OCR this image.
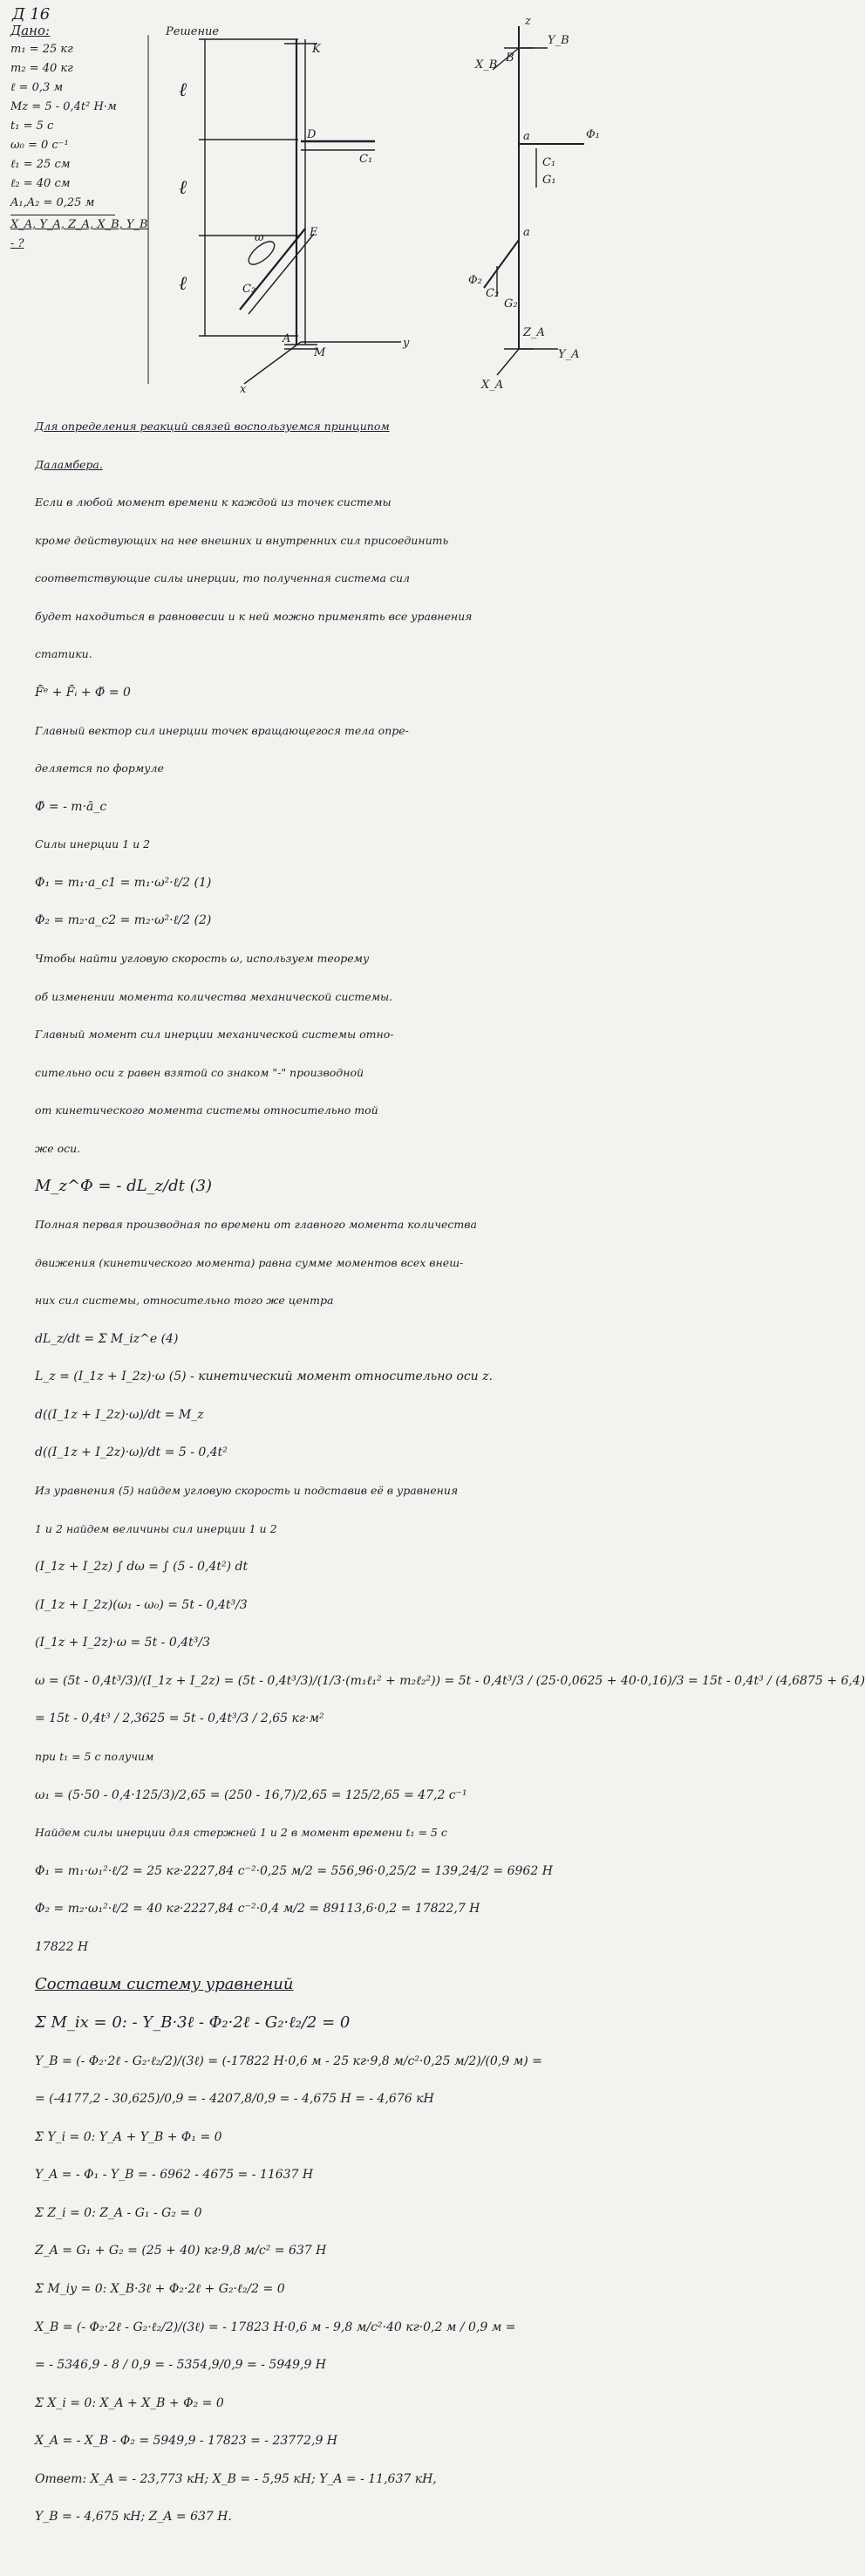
Д 16
Дано:
m₁ = 25 кг
m₂ = 40 кг
ℓ = 0,3 м
Mz = 5 - 0,4t² Н·м
t₁ = 5 с
ω₀ = 0 с⁻¹
ℓ₁ = 25 см
ℓ₂ = 40 см
A₁,A₂ = 0,25 м
X_A, Y_A, Z_A, X_B, Y_B - ?
Решение
K
D
E
A
C₁
C₂
ℓ
ℓ
ℓ
M
y
x
ω
z
Y_B
X_B
B
Φ₁
C₁
G₁
Φ₂
C₂
G₂
Y_A
X_A
Z_A
a
a
Для определения реакций связей воспользуемся принципом
Даламбера.
Если в любой момент времени к каждой из точек системы
кроме действующих на нее внешних и внутренних сил присоединить
соответствующие силы инерции, то полученная система сил
будет находиться в равновесии и к ней можно применять все уравнения
статики.
F̄ᵉ + F̄ᵢ + Φ̄ = 0
Главный вектор сил инерции точек вращающегося тела опре-
деляется по формуле
Φ̄ = - m·ā_c
Силы инерции 1 и 2
Φ₁ = m₁·a_c1 = m₁·ω²·ℓ/2 (1)
Φ₂ = m₂·a_c2 = m₂·ω²·ℓ/2 (2)
Чтобы найти угловую скорость ω, используем теорему
об изменении момента количества механической системы.
Главный момент сил инерции механической системы отно-
сительно оси z равен взятой со знаком "-" производной
от кинетического момента системы относительно той
же оси.
M_z^Φ = - dL_z/dt (3)
Полная первая производная по времени от главного момента количества
движения (кинетического момента) равна сумме моментов всех внеш-
них сил системы, относительно того же центра
dL_z/dt = Σ M_iz^e (4)
L_z = (I_1z + I_2z)·ω (5) - кинетический момент относительно оси z.
d((I_1z + I_2z)·ω)/dt = M_z
d((I_1z + I_2z)·ω)/dt = 5 - 0,4t²
Из уравнения (5) найдем угловую скорость и подставив её в уравнения
1 и 2 найдем величины сил инерции 1 и 2
(I_1z + I_2z) ∫ dω = ∫ (5 - 0,4t²) dt
(I_1z + I_2z)(ω₁ - ω₀) = 5t - 0,4t³/3
(I_1z + I_2z)·ω = 5t - 0,4t³/3
ω = (5t - 0,4t³/3)/(I_1z + I_2z) = (5t - 0,4t³/3)/(1/3·(m₁ℓ₁² + m₂ℓ₂²)) = 5t - 0,4t³/3 / (25·0,0625 + 40·0,16)/3 = 15t - 0,4t³ / (4,6875 + 6,4)
= 15t - 0,4t³ / 2,3625 = 5t - 0,4t³/3 / 2,65 кг·м²
при t₁ = 5 с получим
ω₁ = (5·50 - 0,4·125/3)/2,65 = (250 - 16,7)/2,65 = 125/2,65 = 47,2 с⁻¹
Найдем силы инерции для стержней 1 и 2 в момент времени t₁ = 5 с
Φ₁ = m₁·ω₁²·ℓ/2 = 25 кг·2227,84 с⁻²·0,25 м/2 = 556,96·0,25/2 = 139,24/2 = 6962 Н
Φ₂ = m₂·ω₁²·ℓ/2 = 40 кг·2227,84 с⁻²·0,4 м/2 = 89113,6·0,2 = 17822,7 Н
17822 Н
Составим систему уравнений
Σ M_ix = 0: - Y_B·3ℓ - Φ₂·2ℓ - G₂·ℓ₂/2 = 0
Y_B = (- Φ₂·2ℓ - G₂·ℓ₂/2)/(3ℓ) = (-17822 Н·0,6 м - 25 кг·9,8 м/с²·0,25 м/2)/(0,9 м) =
= (-4177,2 - 30,625)/0,9 = - 4207,8/0,9 = - 4,675 Н = - 4,676 кН
Σ Y_i = 0: Y_A + Y_B + Φ₁ = 0
Y_A = - Φ₁ - Y_B = - 6962 - 4675 = - 11637 Н
Σ Z_i = 0: Z_A - G₁ - G₂ = 0
Z_A = G₁ + G₂ = (25 + 40) кг·9,8 м/с² = 637 Н
Σ M_iy = 0: X_B·3ℓ + Φ₂·2ℓ + G₂·ℓ₂/2 = 0
X_B = (- Φ₂·2ℓ - G₂·ℓ₂/2)/(3ℓ) = - 17823 Н·0,6 м - 9,8 м/с²·40 кг·0,2 м / 0,9 м =
= - 5346,9 - 8 / 0,9 = - 5354,9/0,9 = - 5949,9 Н
Σ X_i = 0: X_A + X_B + Φ₂ = 0
X_A = - X_B - Φ₂ = 5949,9 - 17823 = - 23772,9 Н
Ответ: X_A = - 23,773 кН; X_B = - 5,95 кН; Y_A = - 11,637 кН,
Y_B = - 4,675 кН; Z_A = 637 Н.
